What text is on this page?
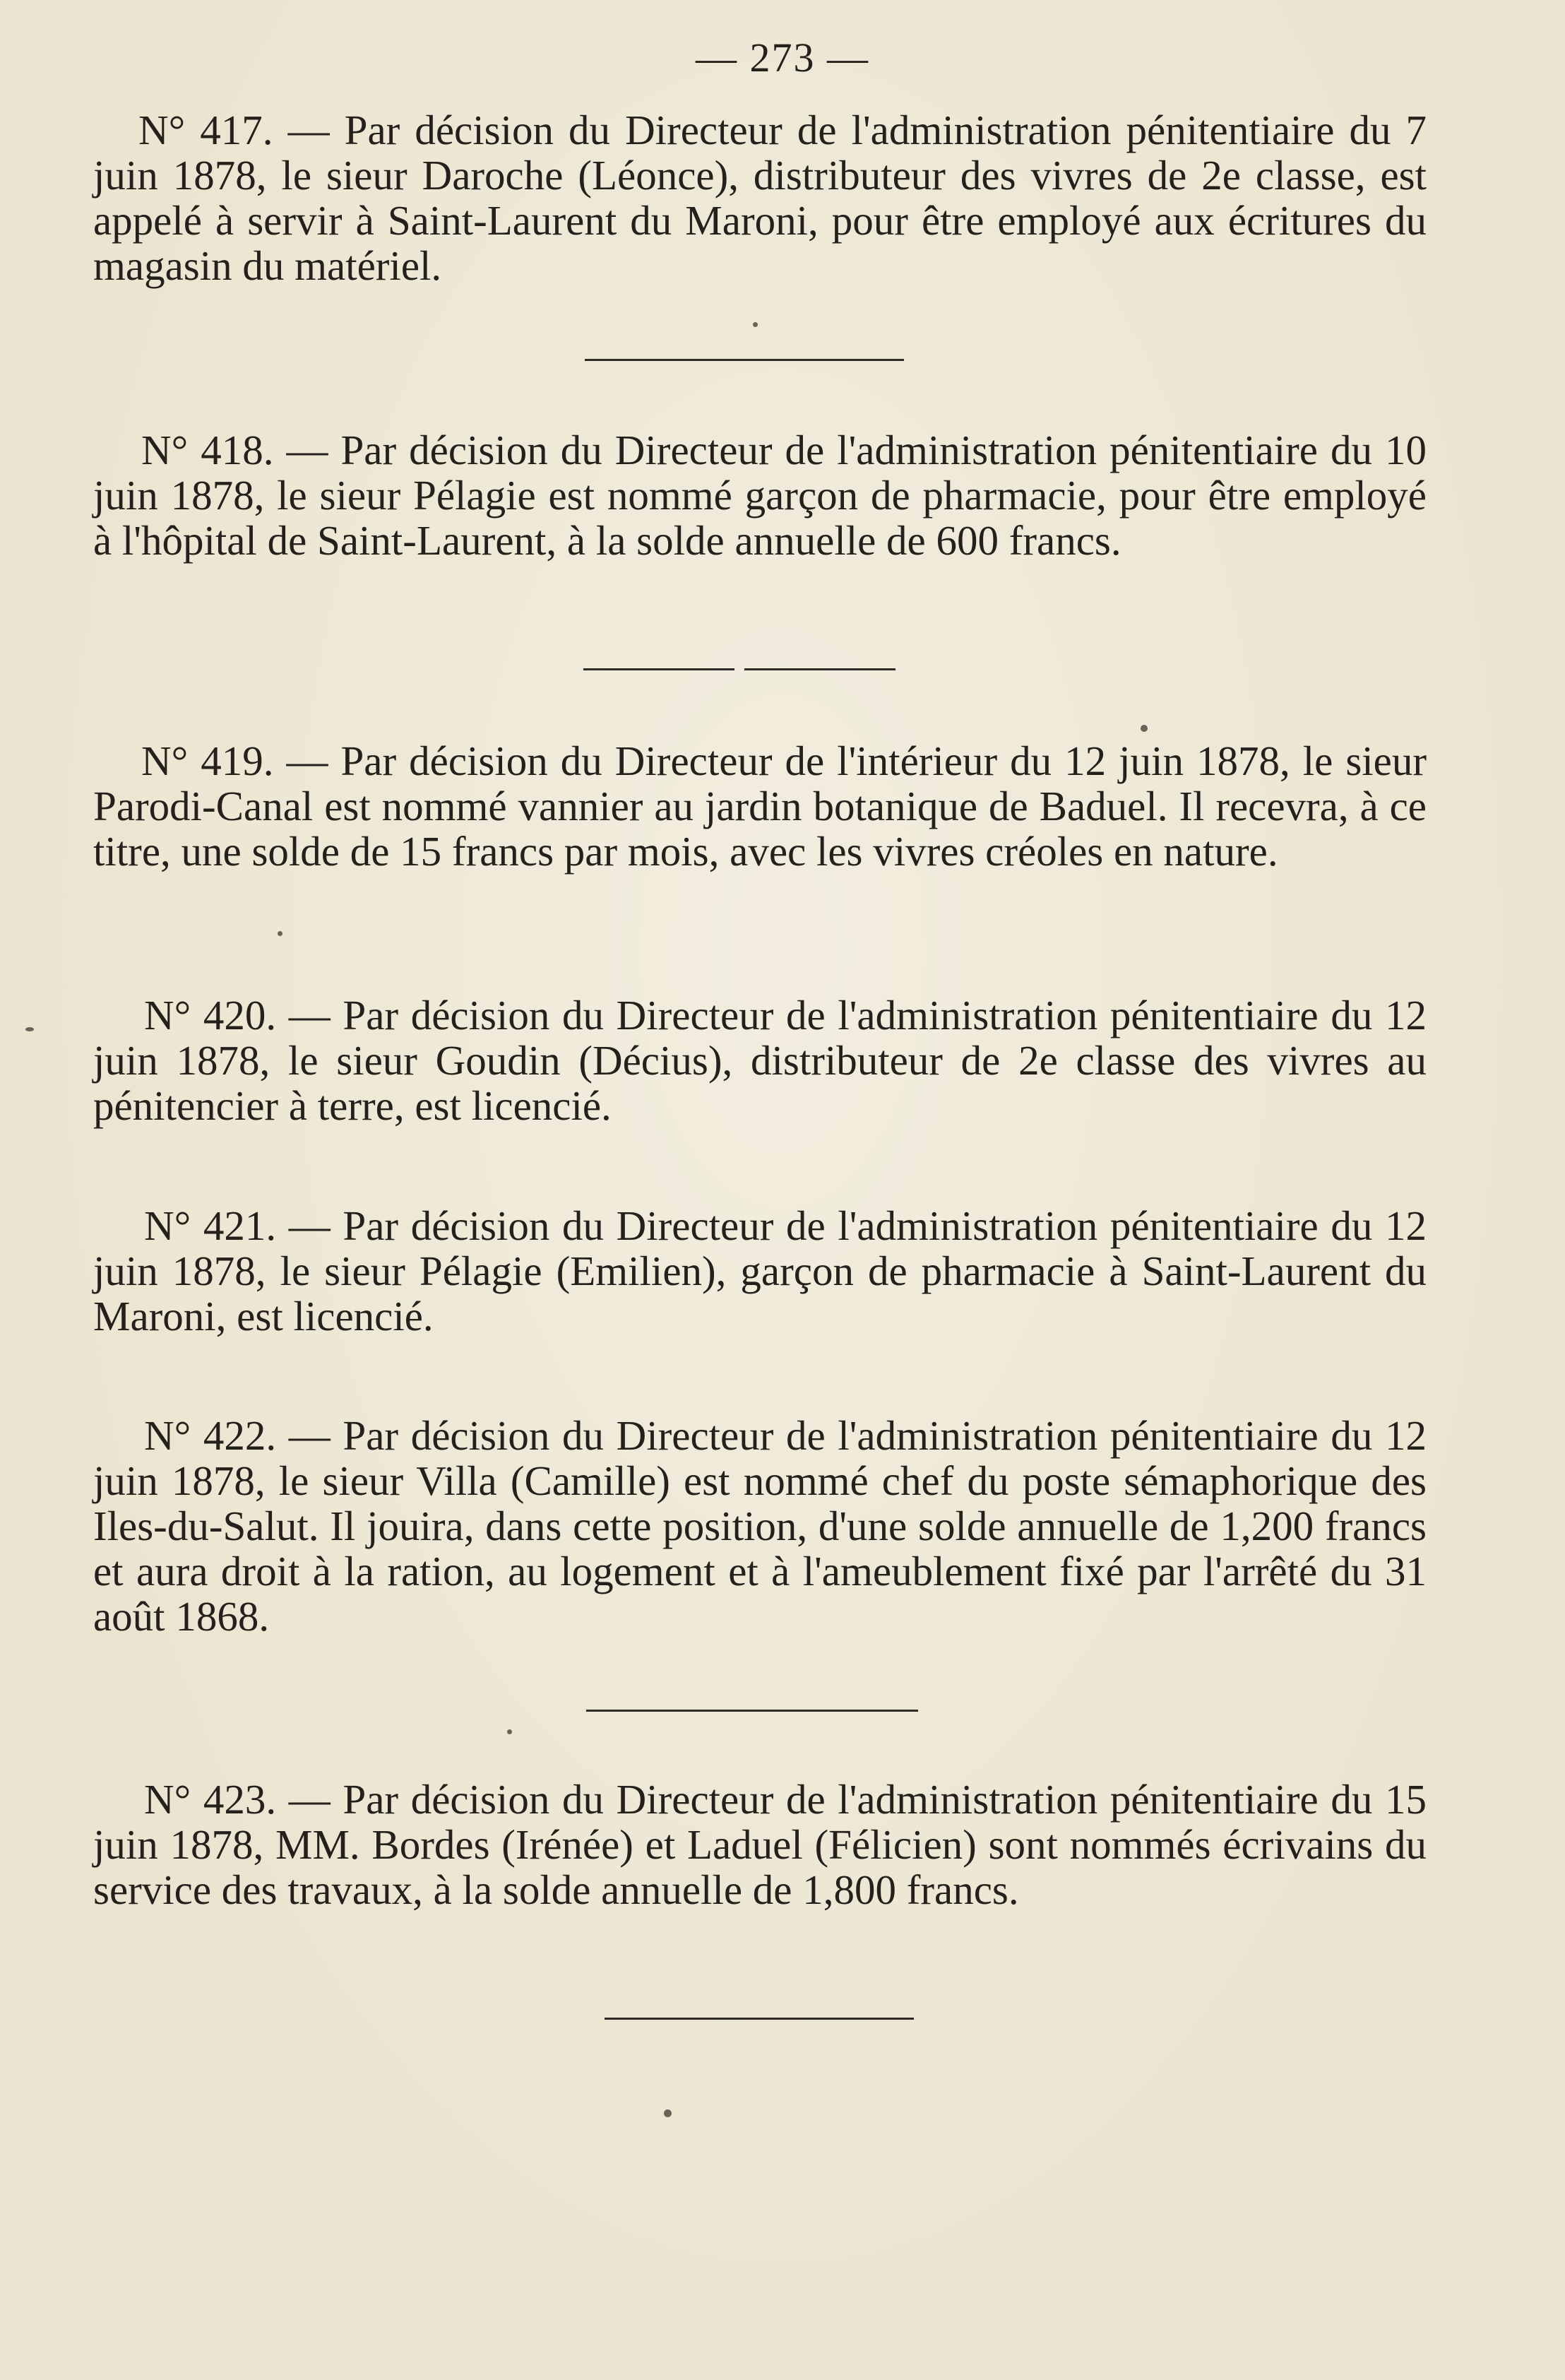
— 273 —

N° 417. — Par décision du Directeur de l'administration pénitentiaire du 7 juin 1878, le sieur Daroche (Léonce), distributeur des vivres de 2e classe, est appelé à servir à Saint-Laurent du Maroni, pour être employé aux écritures du magasin du matériel.

N° 418. — Par décision du Directeur de l'administration pénitentiaire du 10 juin 1878, le sieur Pélagie est nommé garçon de pharmacie, pour être employé à l'hôpital de Saint-Laurent, à la solde annuelle de 600 francs.

N° 419. — Par décision du Directeur de l'intérieur du 12 juin 1878, le sieur Parodi-Canal est nommé vannier au jardin botanique de Baduel. Il recevra, à ce titre, une solde de 15 francs par mois, avec les vivres créoles en nature.

N° 420. — Par décision du Directeur de l'administration pénitentiaire du 12 juin 1878, le sieur Goudin (Décius), distributeur de 2e classe des vivres au pénitencier à terre, est licencié.

N° 421. — Par décision du Directeur de l'administration pénitentiaire du 12 juin 1878, le sieur Pélagie (Emilien), garçon de pharmacie à Saint-Laurent du Maroni, est licencié.

N° 422. — Par décision du Directeur de l'administration pénitentiaire du 12 juin 1878, le sieur Villa (Camille) est nommé chef du poste sémaphorique des Iles-du-Salut. Il jouira, dans cette position, d'une solde annuelle de 1,200 francs et aura droit à la ration, au logement et à l'ameublement fixé par l'arrêté du 31 août 1868.

N° 423. — Par décision du Directeur de l'administration pénitentiaire du 15 juin 1878, MM. Bordes (Irénée) et Laduel (Félicien) sont nommés écrivains du service des travaux, à la solde annuelle de 1,800 francs.
